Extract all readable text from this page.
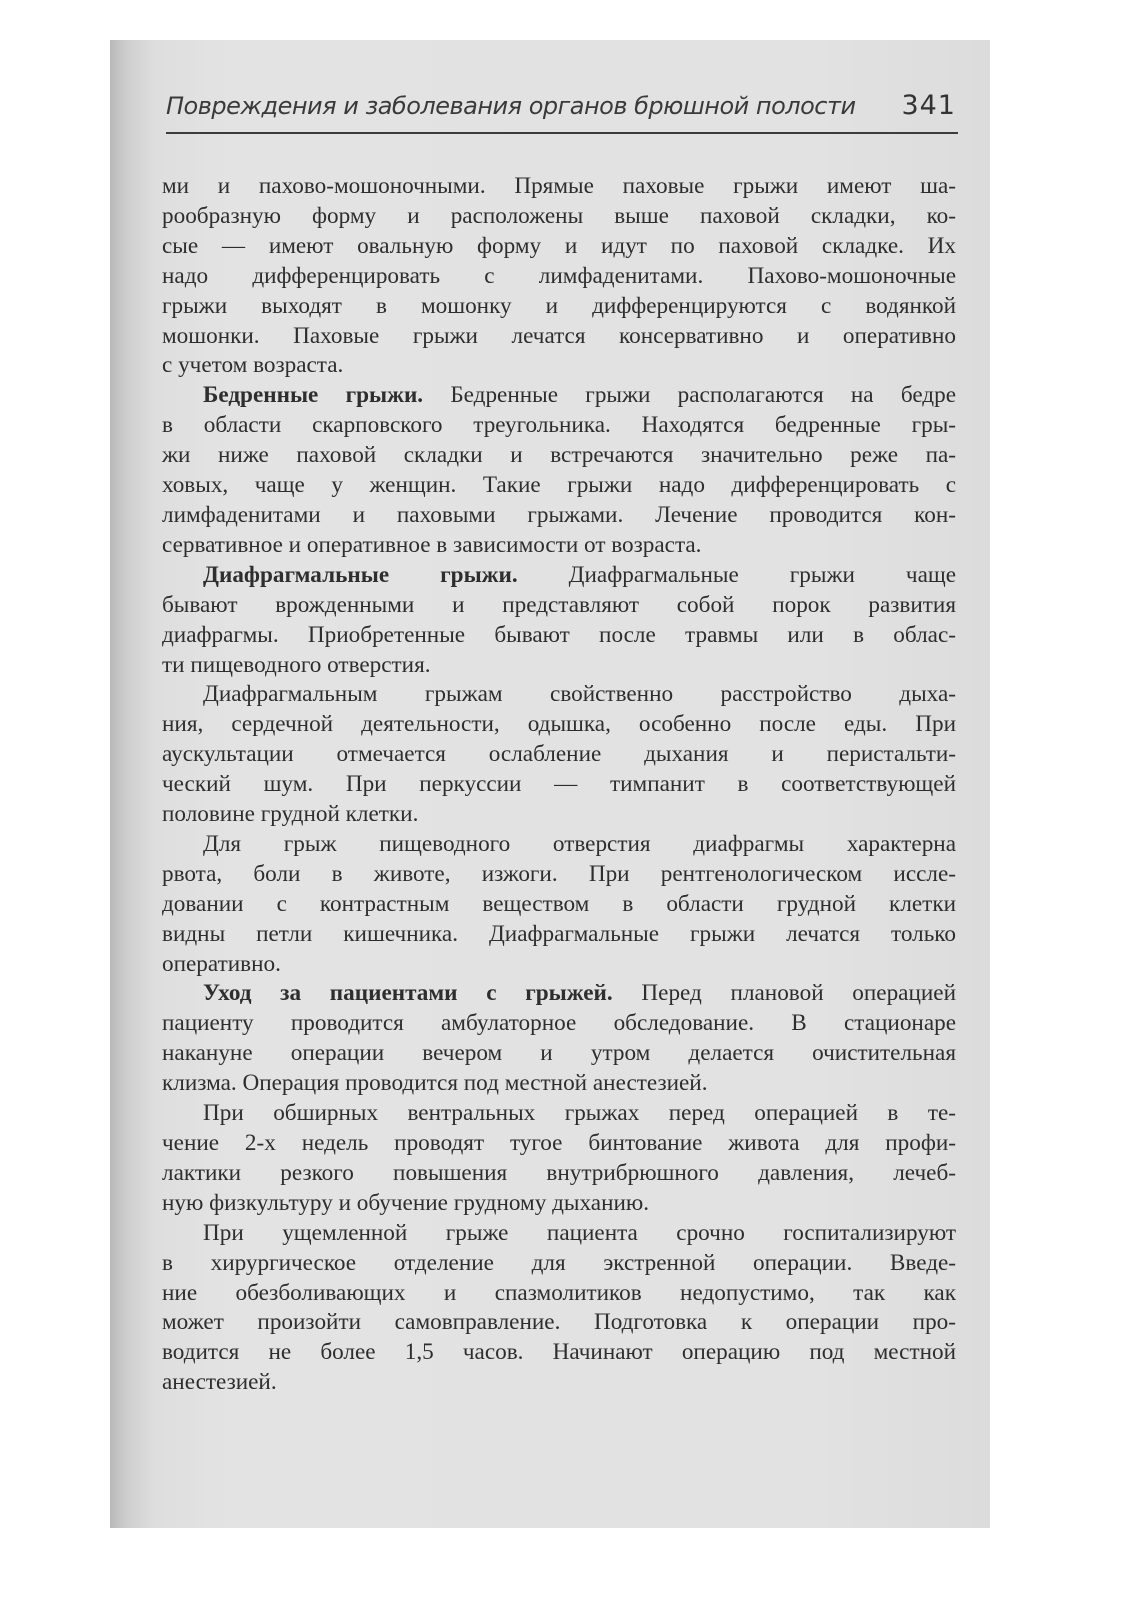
Повреждения и заболевания органов брюшной полости 341
ми и пахово-мошоночными. Прямые паховые грыжи имеют ша-
рообразную форму и расположены выше паховой складки, ко-
сые — имеют овальную форму и идут по паховой складке. Их
надо дифференцировать с лимфаденитами. Пахово-мошоночные
грыжи выходят в мошонку и дифференцируются с водянкой
мошонки. Паховые грыжи лечатся консервативно и оперативно
с учетом возраста.
Бедренные грыжи. Бедренные грыжи располагаются на бедре
в области скарповского треугольника. Находятся бедренные гры-
жи ниже паховой складки и встречаются значительно реже па-
ховых, чаще у женщин. Такие грыжи надо дифференцировать с
лимфаденитами и паховыми грыжами. Лечение проводится кон-
сервативное и оперативное в зависимости от возраста.
Диафрагмальные грыжи. Диафрагмальные грыжи чаще
бывают врожденными и представляют собой порок развития
диафрагмы. Приобретенные бывают после травмы или в облас-
ти пищеводного отверстия.
Диафрагмальным грыжам свойственно расстройство дыха-
ния, сердечной деятельности, одышка, особенно после еды. При
аускультации отмечается ослабление дыхания и перистальти-
ческий шум. При перкуссии — тимпанит в соответствующей
половине грудной клетки.
Для грыж пищеводного отверстия диафрагмы характерна
рвота, боли в животе, изжоги. При рентгенологическом иссле-
довании с контрастным веществом в области грудной клетки
видны петли кишечника. Диафрагмальные грыжи лечатся только
оперативно.
Уход за пациентами с грыжей. Перед плановой операцией
пациенту проводится амбулаторное обследование. В стационаре
накануне операции вечером и утром делается очистительная
клизма. Операция проводится под местной анестезией.
При обширных вентральных грыжах перед операцией в те-
чение 2-х недель проводят тугое бинтование живота для профи-
лактики резкого повышения внутрибрюшного давления, лечеб-
ную физкультуру и обучение грудному дыханию.
При ущемленной грыже пациента срочно госпитализируют
в хирургическое отделение для экстренной операции. Введе-
ние обезболивающих и спазмолитиков недопустимо, так как
может произойти самовправление. Подготовка к операции про-
водится не более 1,5 часов. Начинают операцию под местной
анестезией.
